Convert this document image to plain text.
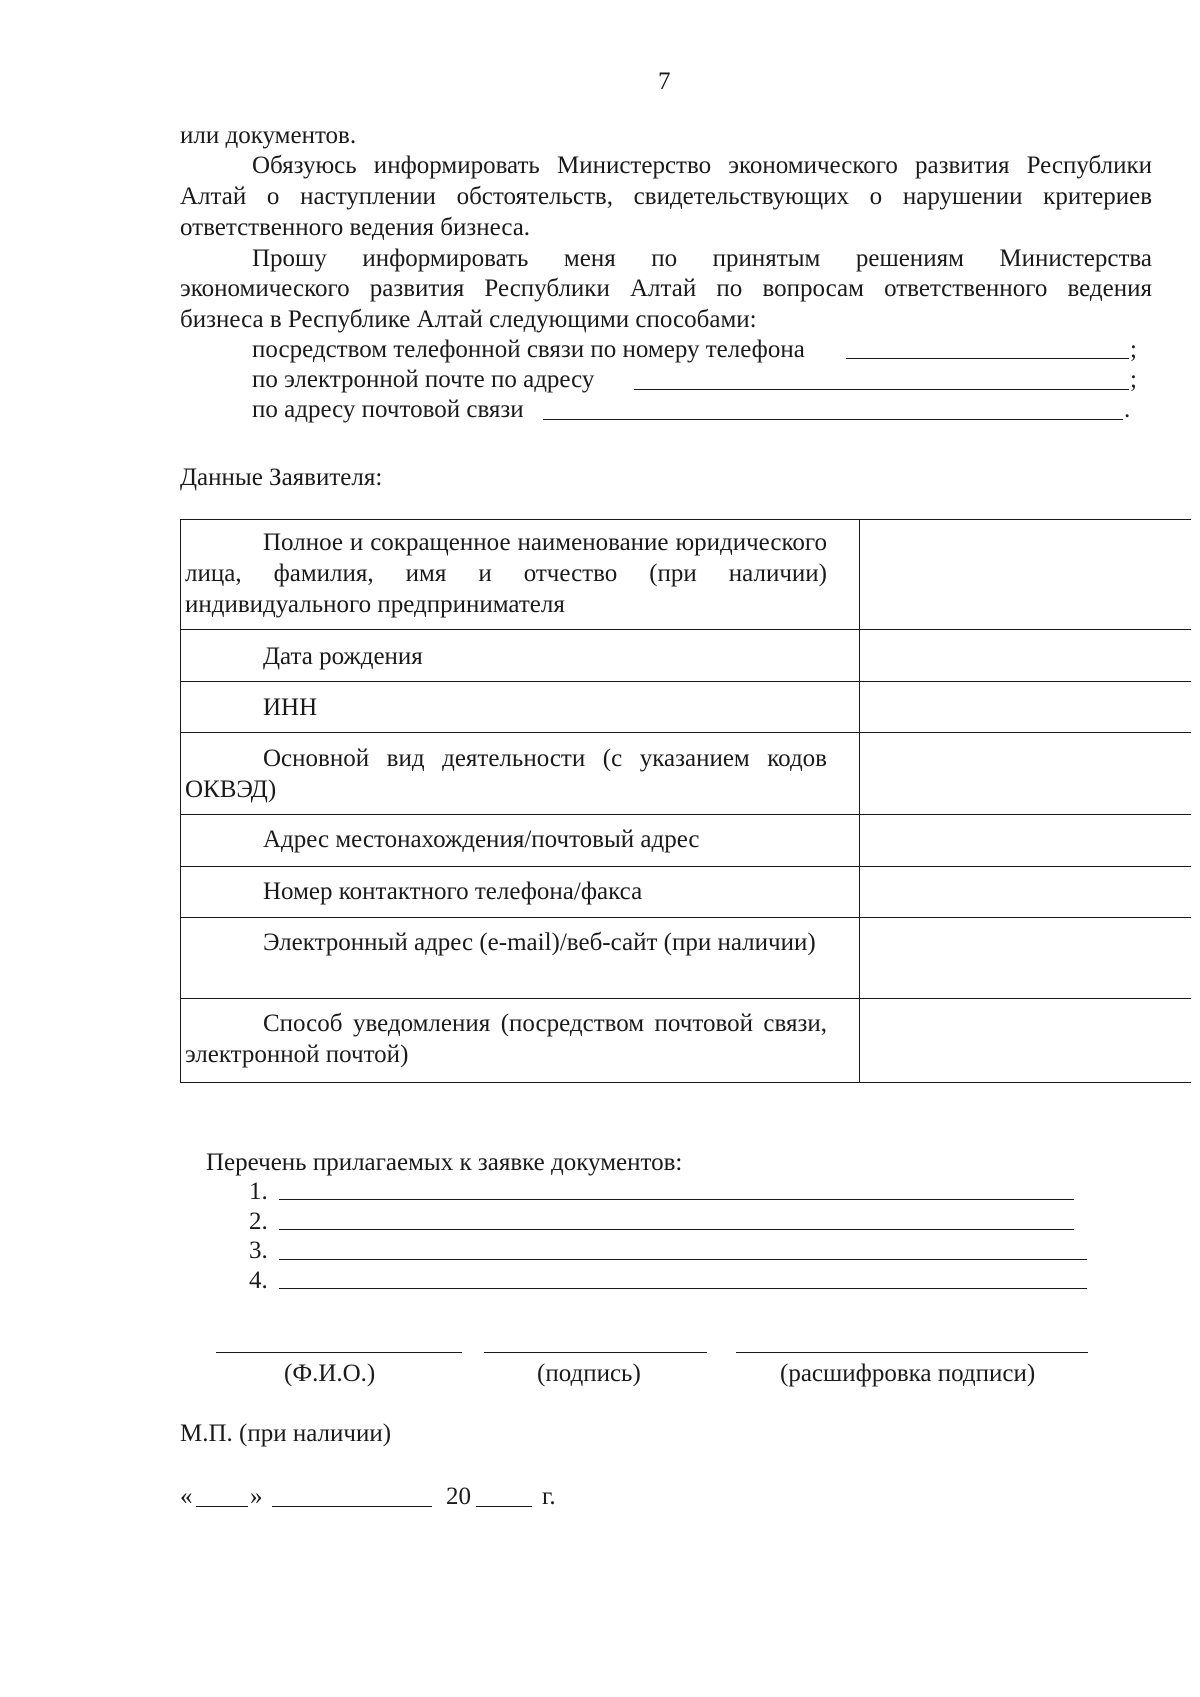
7
или документов.
Обязуюсь информировать Министерство экономического развития Республики
Алтай о наступлении обстоятельств, свидетельствующих о нарушении критериев
ответственного ведения бизнеса.
Прошу информировать меня по принятым решениям Министерства
экономического развития Республики Алтай по вопросам ответственного ведения
бизнеса в Республике Алтай следующими способами:
посредством телефонной связи по номеру телефона	;
по электронной почте по адресу	;
по адресу почтовой связи	.
Данные Заявителя:
Полное и сокращенное наименование юридического лица, фамилия, имя и отчество (при наличии) индивидуального предпринимателя
Дата рождения
ИНН
Основной вид деятельности (с указанием кодов ОКВЭД)
Адрес местонахождения/почтовый адрес
Номер контактного телефона/факса
Электронный адрес (e-mail)/веб-сайт (при наличии)
Способ уведомления (посредством почтовой связи, электронной почтой)
Перечень прилагаемых к заявке документов:
1.
2.
3.
4.
(Ф.И.О.)	(подпись)	(расшифровка подписи)
М.П. (при наличии)
« »	20	г.
